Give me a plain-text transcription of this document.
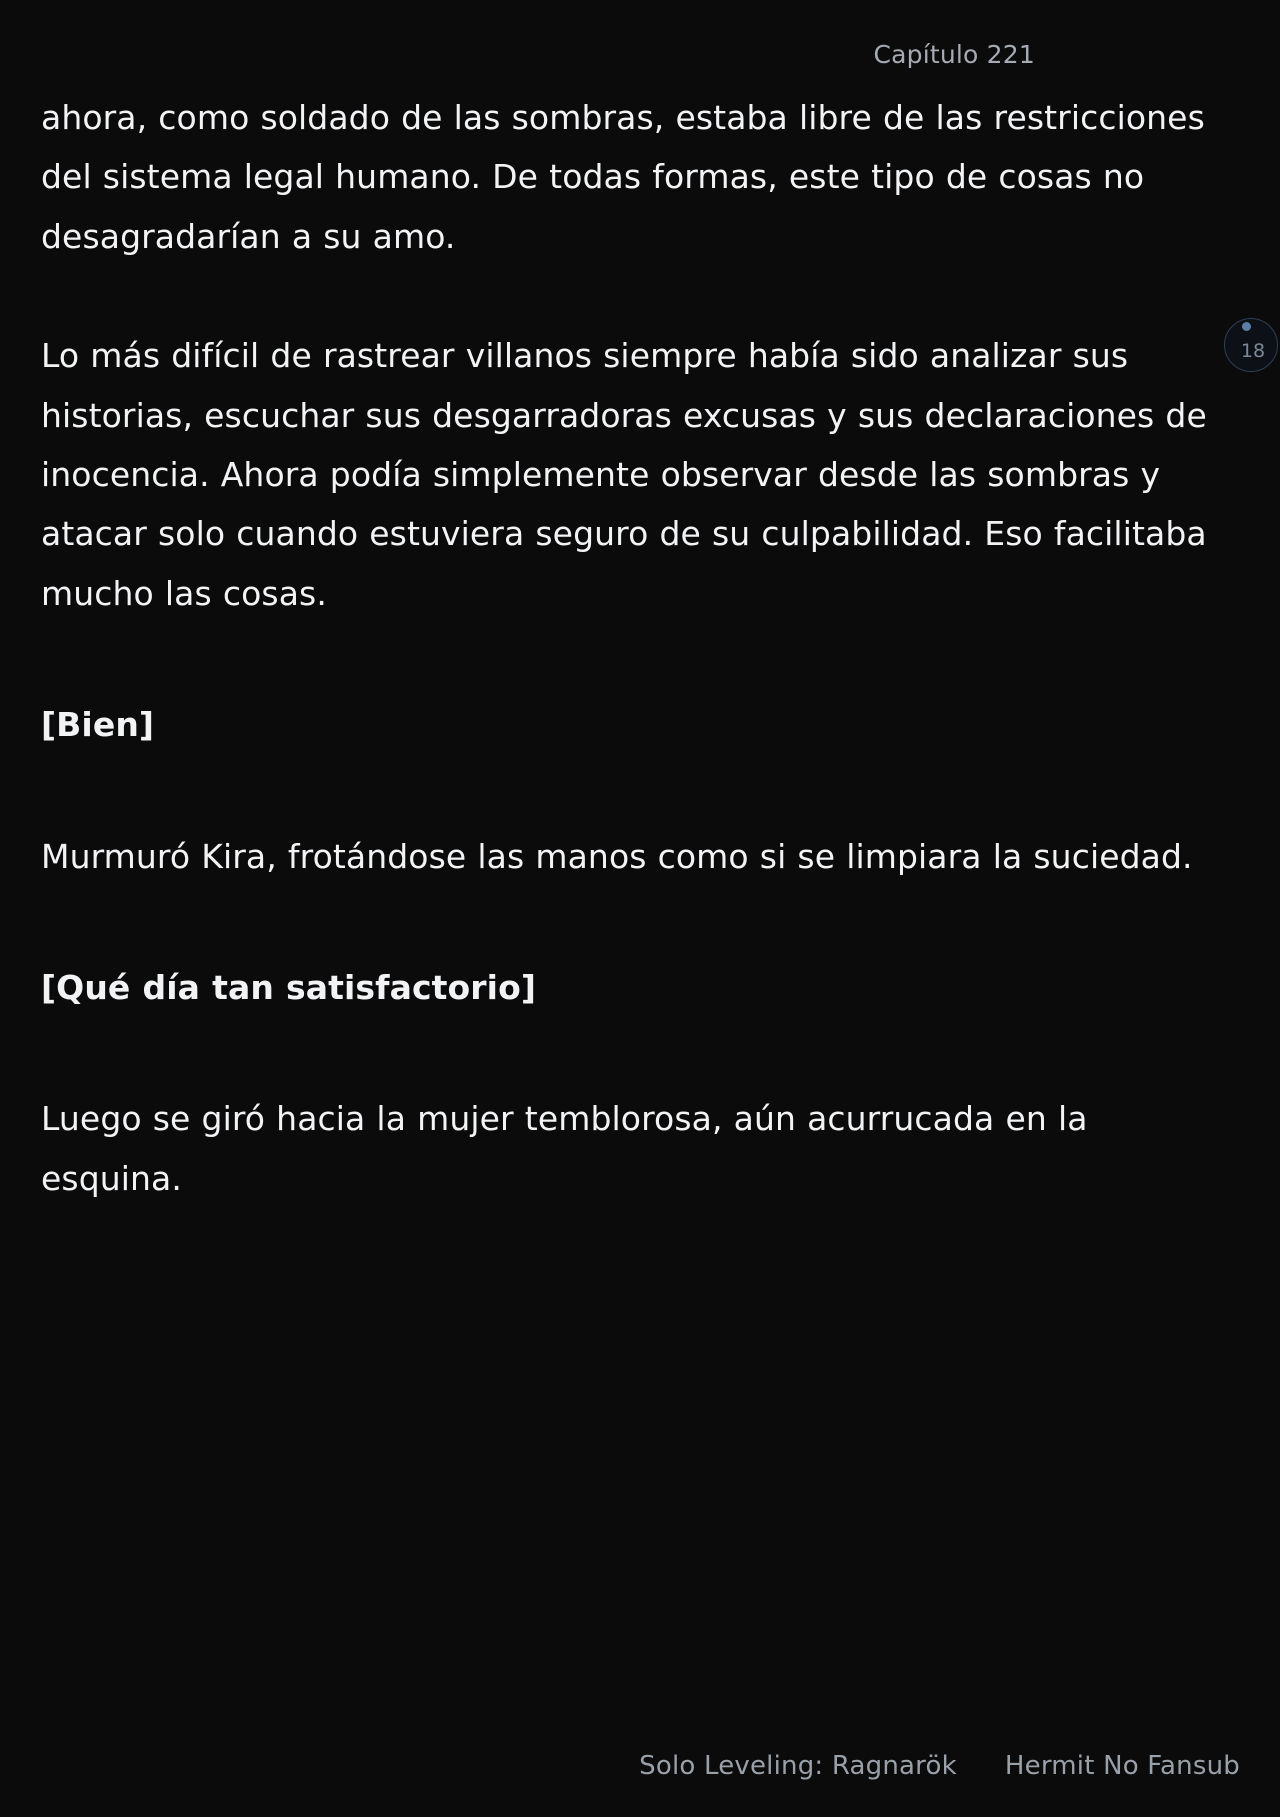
Capítulo 221

ahora, como soldado de las sombras, estaba libre de las restricciones del sistema legal humano. De todas formas, este tipo de cosas no desagradarían a su amo.

Lo más difícil de rastrear villanos siempre había sido analizar sus historias, escuchar sus desgarradoras excusas y sus declaraciones de inocencia. Ahora podía simplemente observar desde las sombras y atacar solo cuando estuviera seguro de su culpabilidad. Eso facilitaba mucho las cosas.

[Bien]

Murmuró Kira, frotándose las manos como si se limpiara la suciedad.

[Qué día tan satisfactorio]

Luego se giró hacia la mujer temblorosa, aún acurrucada en la esquina.

18
Solo Leveling: Ragnarök Hermit No Fansub
